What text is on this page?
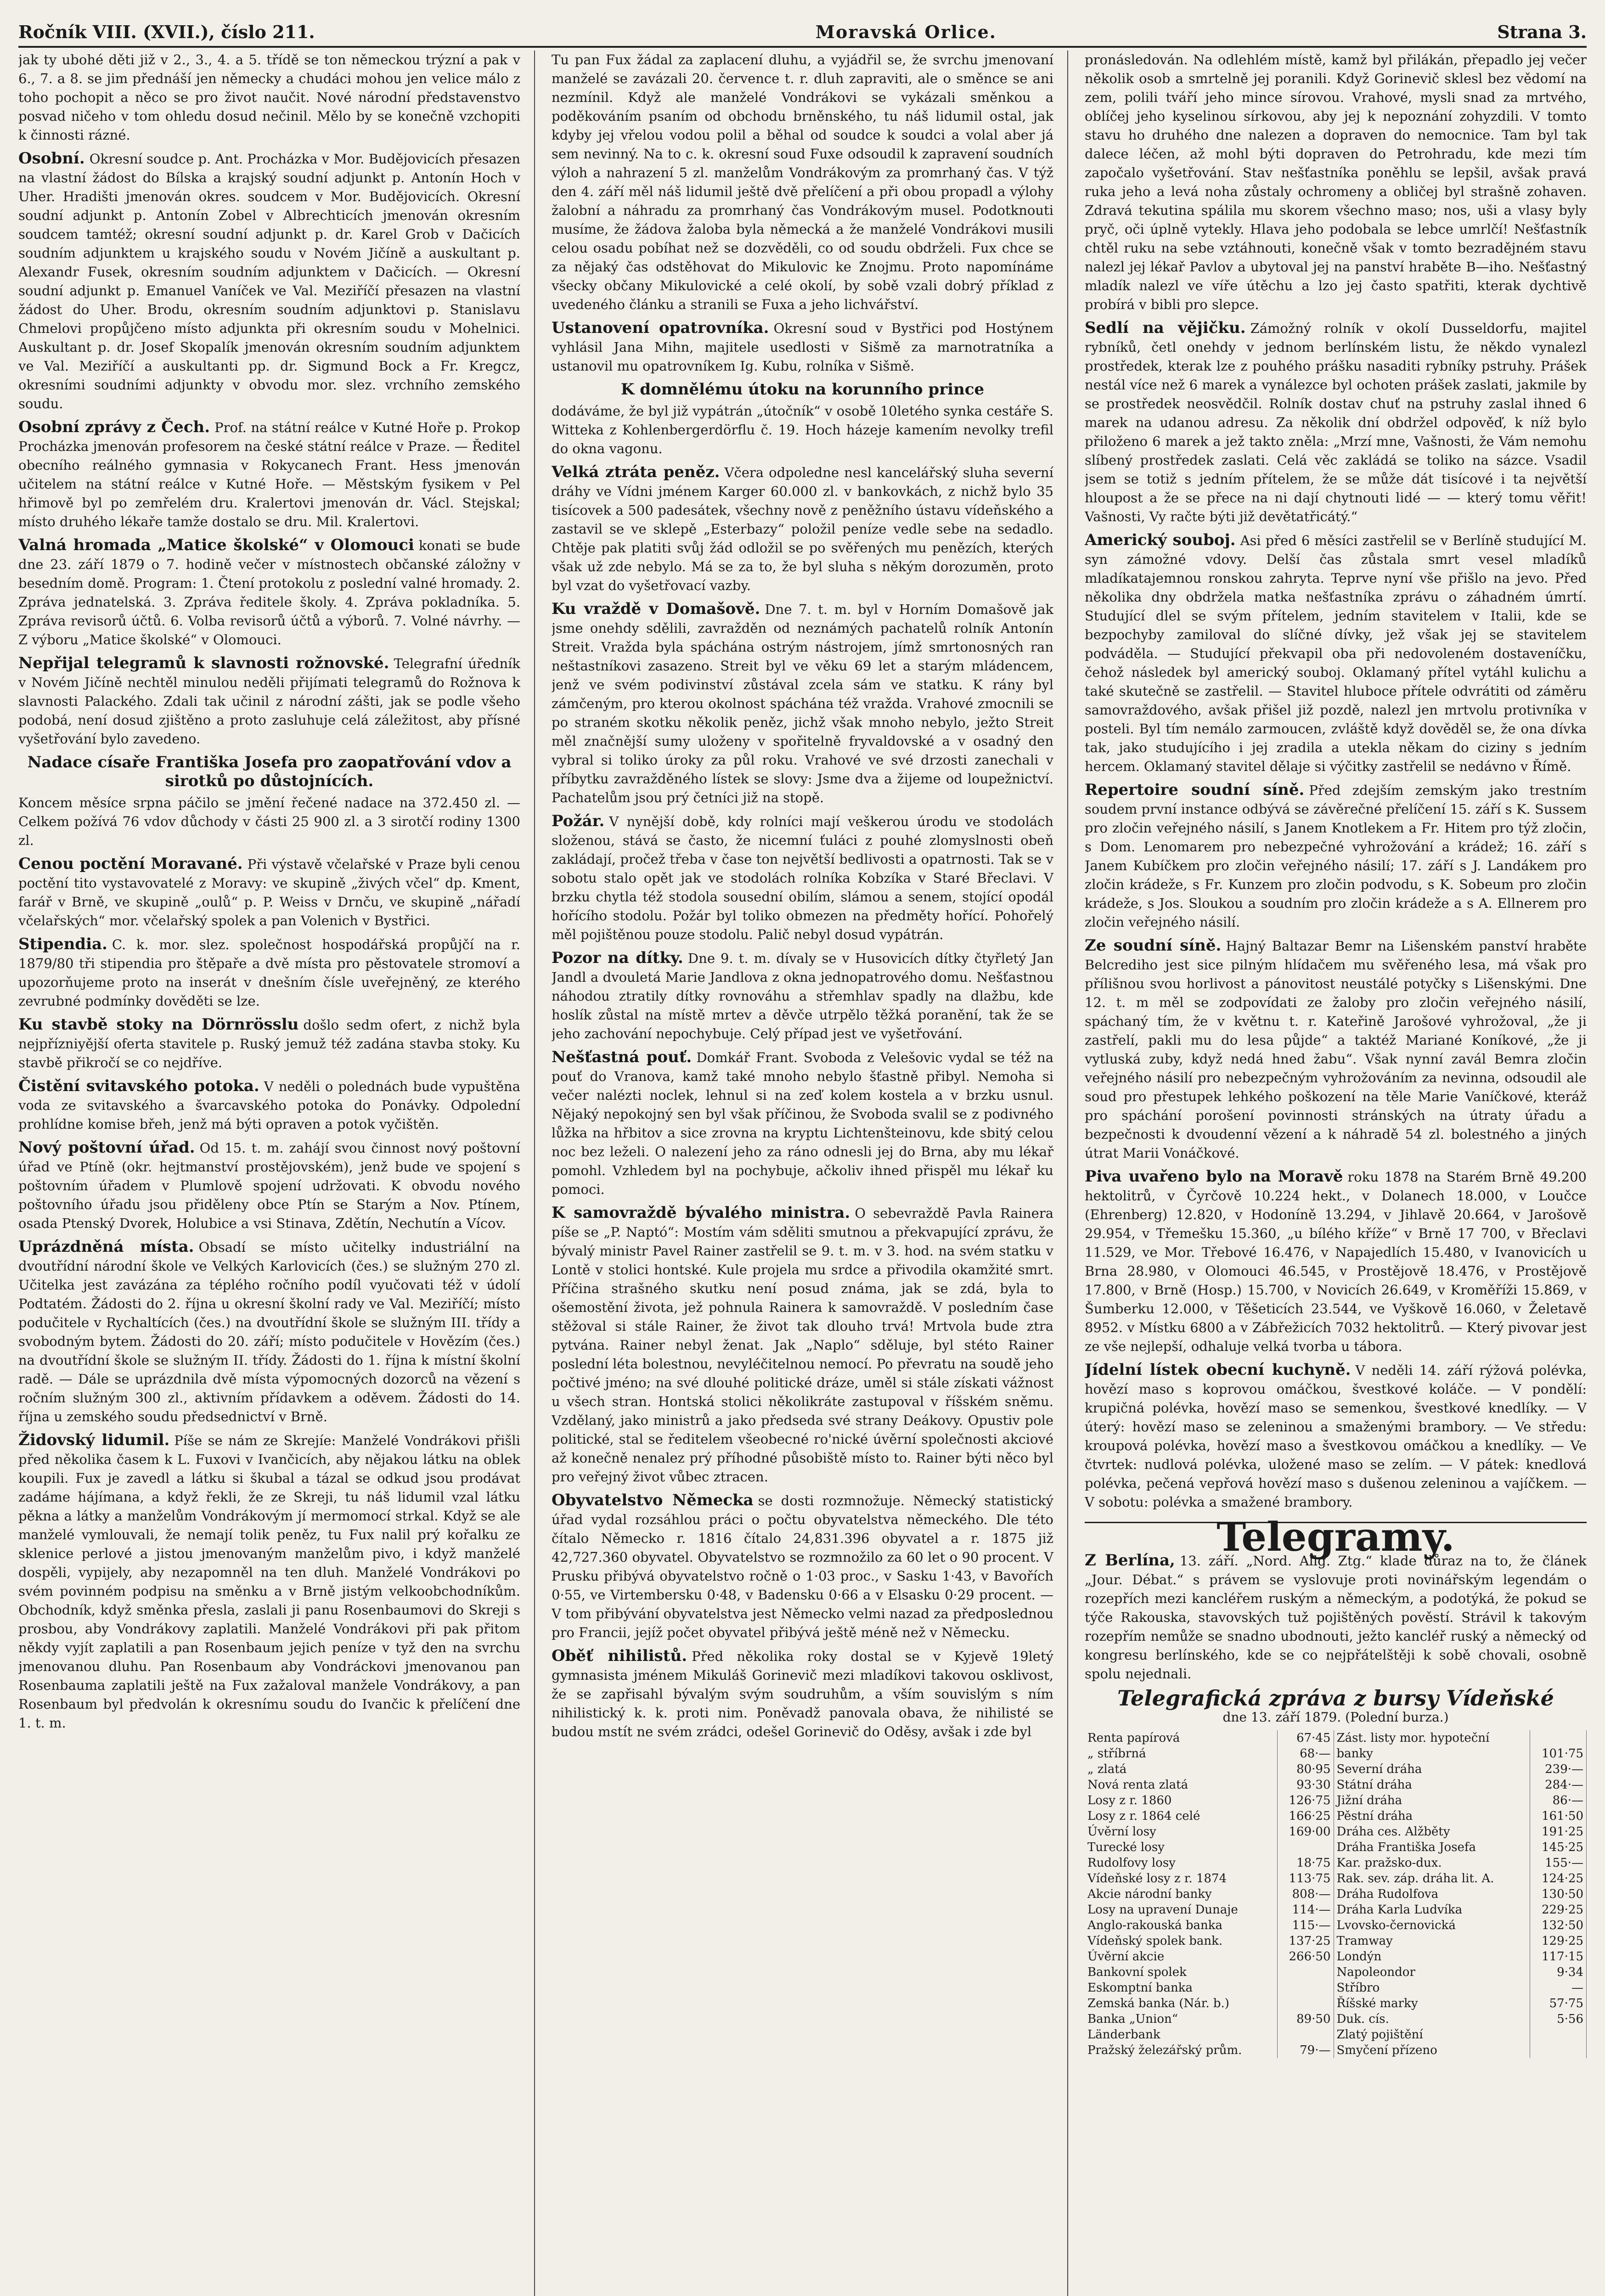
Ročník VIII. (XVII.), číslo 211.	Moravská Orlice.	Strana 3.

jak ty ubohé děti již v 2., 3., 4. a 5. třídě se ton německou trýzní a pak v 6., 7. a 8. se jim přednáší jen německy a chudáci mohou jen velice málo z toho pochopit a něco se pro život naučit. Nové národní představenstvo posvad ničeho v tom ohledu dosud nečinil. Mělo by se konečně vzchopiti k činnosti rázné.

Osobní. Okresní soudce p. Ant. Procházka v Mor. Budějovicích přesazen na vlastní žádost do Bílska a krajský soudní adjunkt p. Antonín Hoch v Uher. Hradišti jmenován okres. soudcem v Mor. Budějovicích. Okresní soudní adjunkt p. Antonín Zobel v Albrechticích jmenován okresním soudcem tamtéž; okresní soudní adjunkt p. dr. Karel Grob v Dačicích soudním adjunktem u krajského soudu v Novém Jičíně a auskultant p. Alexandr Fusek, okresním soudním adjunktem v Dačicích. — Okresní soudní adjunkt p. Emanuel Vaníček ve Val. Meziříčí přesazen na vlastní žádost do Uher. Brodu, okresním soudním adjunktovi p. Stanislavu Chmelovi propůjčeno místo adjunkta při okresním soudu v Mohelnici. Auskultant p. dr. Josef Skopalík jmenován okresním soudním adjunktem ve Val. Meziříčí a auskultanti pp. dr. Sigmund Bock a Fr. Kregcz, okresními soudními adjunkty v obvodu mor. slez. vrchního zemského soudu.

Osobní zprávy z Čech. Prof. na státní reálce v Kutné Hoře p. Prokop Procházka jmenován profesorem na české státní reálce v Praze. — Ředitel obecního reálného gymnasia v Rokycanech Frant. Hess jmenován učitelem na státní reálce v Kutné Hoře. — Městským fysikem v Pel hřimově byl po zemřelém dru. Kralertovi jmenován dr. Václ. Stejskal; místo druhého lékaře tamže dostalo se dru. Mil. Kralertovi.

Valná hromada „Matice školské“ v Olomouci konati se bude dne 23. září 1879 o 7. hodině večer v místnostech občanské záložny v besedním domě. Program: 1. Čtení protokolu z poslední valné hromady. 2. Zpráva jednatelská. 3. Zpráva ředitele školy. 4. Zpráva pokladníka. 5. Zpráva revisorů účtů. 6. Volba revisorů účtů a výborů. 7. Volné návrhy. — Z výboru „Matice školské“ v Olomouci.

Nepřijal telegramů k slavnosti rožnovské. Telegrafní úředník v Novém Jičíně nechtěl minulou neděli přijímati telegramů do Rožnova k slavnosti Palackého. Zdali tak učinil z národní zášti, jak se podle všeho podobá, není dosud zjištěno a proto zasluhuje celá záležitost, aby přísné vyšetřování bylo zavedeno.

Nadace císaře Františka Josefa pro zaopatřování vdov a sirotků po důstojnících.

Koncem měsíce srpna páčilo se jmění řečené nadace na 372.450 zl. — Celkem požívá 76 vdov důchody v části 25 900 zl. a 3 sirotčí rodiny 1300 zl.

Cenou poctění Moravané. Při výstavě včelařské v Praze byli cenou poctění tito vystavovatelé z Moravy: ve skupině „živých včel“ dp. Kment, farář v Brně, ve skupině „oulů“ p. P. Weiss v Drnču, ve skupině „nářadí včelařských“ mor. včelařský spolek a pan Volenich v Bystřici.

Stipendia. C. k. mor. slez. společnost hospodářská propůjčí na r. 1879/80 tři stipendia pro štěpaře a dvě místa pro pěstovatele stromoví a upozorňujeme proto na inserát v dnešním čísle uveřejněný, ze kterého zevrubné podmínky dověděti se lze.

Ku stavbě stoky na Dörnrösslu došlo sedm ofert, z nichž byla nejpřízniyější oferta stavitele p. Ruský jemuž též zadána stavba stoky. Ku stavbě přikročí se co nejdříve.

Čistění svitavského potoka. V neděli o polednách bude vypuštěna voda ze svitavského a švarcavského potoka do Ponávky. Odpolední prohlídne komise břeh, jenž má býti opraven a potok vyčištěn.

Nový poštovní úřad. Od 15. t. m. zahájí svou činnost nový poštovní úřad ve Ptíně (okr. hejtmanství prostějovském), jenž bude ve spojení s poštovním úřadem v Plumlově spojení udržovati. K obvodu nového poštovního úřadu jsou přiděleny obce Ptín se Starým a Nov. Ptínem, osada Ptenský Dvorek, Holubice a vsi Stinava, Zdětín, Nechutín a Vícov.

Uprázdněná místa. Obsadí se místo učitelky industriální na dvoutřídní národní škole ve Velkých Karlovicích (čes.) se služným 270 zl. Učitelka jest zavázána za téplého ročního podíl vyučovati též v údolí Podtatém. Žádosti do 2. října u okresní školní rady ve Val. Meziříčí; místo podučitele v Rychaltících (čes.) na dvoutřídní škole se služným III. třídy a svobodným bytem. Žádosti do 20. září; místo podučitele v Hovězím (čes.) na dvoutřídní škole se služným II. třídy. Žádosti do 1. října k místní školní radě. — Dále se uprázdnila dvě místa výpomocných dozorců na vězení s ročním služným 300 zl., aktivním přídavkem a oděvem. Žádosti do 14. října u zemského soudu předsednictví v Brně.

Židovský lidumil. Píše se nám ze Skrejíe: Manželé Vondrákovi přišli před několika časem k L. Fuxovi v Ivančicích, aby nějakou látku na oblek koupili. Fux je zavedl a látku si škubal a tázal se odkud jsou prodávat zadáme hájímana, a když řekli, že ze Skreji, tu náš lidumil vzal látku pěkna a látky a manželům Vondrákovým jí mermomocí strkal. Když se ale manželé vymlouvali, že nemají tolik peněz, tu Fux nalil prý kořalku ze sklenice perlové a jistou jmenovaným manželům pivo, i když manželé dospěli, vypijely, aby nezapomněl na ten dluh. Manželé Vondrákovi po svém povinném podpisu na směnku a v Brně jistým velkoobchodníkům. Obchodník, když směnka přesla, zaslali ji panu Rosenbaumovi do Skreji s prosbou, aby Vondrákovy zaplatili. Manželé Vondrákovi při pak přitom někdy vyjít zaplatili a pan Rosenbaum jejich peníze v tyž den na svrchu jmenovanou dluhu. Pan Rosenbaum aby Vondráckovi jmenovanou pan Rosenbauma zaplatili ještě na Fux zažaloval manžele Vondrákovy, a pan Rosenbaum byl předvolán k okresnímu soudu do Ivančic k přelíčení dne 1. t. m.

Tu pan Fux žádal za zaplacení dluhu, a vyjádřil se, že svrchu jmenovaní manželé se zavázali 20. července t. r. dluh zapraviti, ale o směnce se ani nezmínil. Když ale manželé Vondrákovi se vykázali směnkou a poděkováním psaním od obchodu brněnského, tu náš lidumil ostal, jak kdyby jej vřelou vodou polil a běhal od soudce k soudci a volal aber já sem nevinný. Na to c. k. okresní soud Fuxe odsoudil k zapravení soudních výloh a nahrazení 5 zl. manželům Vondrákovým za promrhaný čas. V týž den 4. září měl náš lidumil ještě dvě přelíčení a při obou propadl a výlohy žalobní a náhradu za promrhaný čas Vondrákovým musel. Podotknouti musíme, že žádova žaloba byla německá a že manželé Vondrákovi musili celou osadu pobíhat než se dozvěděli, co od soudu obdrželi. Fux chce se za nějaký čas odstěhovat do Mikulovic ke Znojmu. Proto napomínáme všecky občany Mikulovické a celé okolí, by sobě vzali dobrý příklad z uvedeného článku a stranili se Fuxa a jeho lichvářství.

Ustanovení opatrovníka. Okresní soud v Bystřici pod Hostýnem vyhlásil Jana Mihn, majitele usedlosti v Sišmě za marnotratníka a ustanovil mu opatrovníkem Ig. Kubu, rolníka v Sišmě.

K domnělému útoku na korunního prince

dodáváme, že byl již vypátrán „útočník“ v osobě 10letého synka cestáře S. Witteka z Kohlenbergerdörflu č. 19. Hoch házeje kamením nevolky trefil do okna vagonu.

Velká ztráta peněz. Včera odpoledne nesl kancelářský sluha severní dráhy ve Vídni jménem Karger 60.000 zl. v bankovkách, z nichž bylo 35 tisícovek a 500 padesátek, všechny nově z peněžního ústavu vídeňského a zastavil se ve sklepě „Esterbazy“ položil peníze vedle sebe na sedadlo. Chtěje pak platiti svůj žád odložil se po svěřených mu penězích, kterých však už zde nebylo. Má se za to, že byl sluha s někým dorozuměn, proto byl vzat do vyšetřovací vazby.

Ku vraždě v Domašově. Dne 7. t. m. byl v Horním Domašově jak jsme onehdy sdělili, zavražděn od neznámých pachatelů rolník Antonín Streit. Vražda byla spáchána ostrým nástrojem, jímž smrtonosných ran neštastníkovi zasazeno. Streit byl ve věku 69 let a starým mládencem, jenž ve svém podivinství zůstával zcela sám ve statku. K rány byl zámčeným, pro kterou okolnost spáchána též vražda. Vrahové zmocnili se po straném skotku několik peněz, jichž však mnoho nebylo, ježto Streit měl značnější sumy uloženy v spořitelně fryvaldovské a v osadný den vybral si toliko úroky za půl roku. Vrahové ve své drzosti zanechali v příbytku zavražděného lístek se slovy: Jsme dva a žijeme od loupežnictví. Pachatelům jsou prý četníci již na stopě.

Požár. V nynější době, kdy rolníci mají veškerou úrodu ve stodolách složenou, stává se často, že nicemní ťuláci z pouhé zlomyslnosti obeň zakládají, pročež třeba v čase ton největší bedlivosti a opatrnosti. Tak se v sobotu stalo opět jak ve stodolách rolníka Kobzíka v Staré Břeclavi. V brzku chytla též stodola sousední obilím, slámou a senem, stojící opodál hořícího stodolu. Požár byl toliko obmezen na předměty hořící. Pohořelý měl pojištěnou pouze stodolu. Palič nebyl dosud vypátrán.

Pozor na dítky. Dne 9. t. m. dívaly se v Husovicích dítky čtyřletý Jan Jandl a dvouletá Marie Jandlova z okna jednopatrového domu. Nešťastnou náhodou ztratily dítky rovnováhu a střemhlav spadly na dlažbu, kde hoslík zůstal na místě mrtev a děvče utrpělo těžká poranění, tak že se jeho zachování nepochybuje. Celý případ jest ve vyšetřování.

Nešťastná pouť. Domkář Frant. Svoboda z Velešovic vydal se též na pouť do Vranova, kamž také mnoho nebylo šťastně přibyl. Nemoha si večer nalézti noclek, lehnul si na zeď kolem kostela a v brzku usnul. Nějaký nepokojný sen byl však příčinou, že Svoboda svalil se z podivného lůžka na hřbitov a sice zrovna na kryptu Lichtenšteinovu, kde sbitý celou noc bez leželi. O nalezení jeho za ráno odnesli jej do Brna, aby mu lékař pomohl. Vzhledem byl na pochybuje, ačkoliv ihned přispěl mu lékař ku pomoci.

K samovraždě bývalého ministra. O sebevraždě Pavla Rainera píše se „P. Naptó“: Mostím vám sděliti smutnou a překvapující zprávu, že bývalý ministr Pavel Rainer zastřelil se 9. t. m. v 3. hod. na svém statku v Lontě v stolici hontské. Kule projela mu srdce a přivodila okamžité smrt. Příčina strašného skutku není posud známa, jak se zdá, byla to ošemostění života, jež pohnula Rainera k samovraždě. V posledním čase stěžoval si stále Rainer, že život tak dlouho trvá! Mrtvola bude ztra pytvána. Rainer nebyl ženat. Jak „Naplo“ sděluje, byl stéto Rainer poslední léta bolestnou, nevyléčitelnou nemocí. Po převratu na soudě jeho počtivé jméno; na své dlouhé politické dráze, uměl si stále získati vážnost u všech stran. Hontská stolici několikráte zastupoval v říšském sněmu. Vzdělaný, jako ministrů a jako předseda své strany Deákovy. Opustiv pole politické, stal se ředitelem všeobecné ro'nické úvěrní společnosti akciové až konečně nenalez prý příhodné působiště místo to. Rainer býti něco byl pro veřejný život vůbec ztracen.

Obyvatelstvo Německa se dosti rozmnožuje. Německý statistický úřad vydal rozsáhlou práci o počtu obyvatelstva německého. Dle této čítalo Německo r. 1816 čítalo 24,831.396 obyvatel a r. 1875 již 42,727.360 obyvatel. Obyvatelstvo se rozmnožilo za 60 let o 90 procent. V Prusku přibývá obyvatelstvo ročně o 1·03 proc., v Sasku 1·43, v Bavořích 0·55, ve Virtembersku 0·48, v Badensku 0·66 a v Elsasku 0·29 procent. — V tom přibývání obyvatelstva jest Německo velmi nazad za předposlednou pro Francii, jejíž počet obyvatel přibývá ještě méně než v Německu.

Oběť nihilistů. Před několika roky dostal se v Kyjevě 19letý gymnasista jménem Mikuláš Gorinevič mezi mladíkovi takovou osklivost, že se zapřisahl bývalým svým soudruhům, a vším souvislým s ním nihilistický k. k. proti nim. Poněvadž panovala obava, že nihilisté se budou mstít ne svém zrádci, odešel Gorinevič do Oděsy, avšak i zde byl

pronásledován. Na odlehlém místě, kamž byl přilákán, přepadlo jej večer několik osob a smrtelně jej poranili. Když Gorinevič sklesl bez vědomí na zem, polili tváří jeho mince sírovou. Vrahové, mysli snad za mrtvého, oblíčej jeho kyselinou sírkovou, aby jej k nepoznání zohyzdili. V tomto stavu ho druhého dne nalezen a dopraven do nemocnice. Tam byl tak dalece léčen, až mohl býti dopraven do Petrohradu, kde mezi tím započalo vyšetřování. Stav nešťastníka poněhlu se lepšil, avšak pravá ruka jeho a levá noha zůstaly ochromeny a obličej byl strašně zohaven. Zdravá tekutina spálila mu skorem všechno maso; nos, uši a vlasy byly pryč, oči úplně vytekly. Hlava jeho podobala se lebce umrlčí! Nešťastník chtěl ruku na sebe vztáhnouti, konečně však v tomto bezradějném stavu nalezl jej lékař Pavlov a ubytoval jej na panství hraběte B—iho. Nešťastný mladík nalezl ve víře útěchu a lzo jej často spatřiti, kterak dychtivě probírá v bibli pro slepce.

Sedlí na vějičku. Zámožný rolník v okolí Dusseldorfu, majitel rybníků, četl onehdy v jednom berlínském listu, že někdo vynalezl prostředek, kterak lze z pouhého prášku nasaditi rybníky pstruhy. Prášek nestál více než 6 marek a vynálezce byl ochoten prášek zaslati, jakmile by se prostředek neosvědčil. Rolník dostav chuť na pstruhy zaslal ihned 6 marek na udanou adresu. Za několik dní obdržel odpověď, k níž bylo přiloženo 6 marek a jež takto zněla: „Mrzí mne, Vašnosti, že Vám nemohu slíbený prostředek zaslati. Celá věc zakládá se toliko na sázce. Vsadil jsem se totiž s jedním přítelem, že se může dát tisícové i ta největší hloupost a že se přece na ni dají chytnouti lidé — — který tomu věřit! Vašnosti, Vy račte býti již devětatřicátý.“

Americký souboj. Asi před 6 měsíci zastřelil se v Berlíně studující M. syn zámožné vdovy. Delší čas zůstala smrt vesel mladíků mladíkatajemnou ronskou zahryta. Teprve nyní vše přišlo na jevo. Před několika dny obdržela matka nešťastníka zprávu o záhadném úmrtí. Studující dlel se svým přítelem, jedním stavitelem v Italii, kde se bezpochyby zamiloval do slíčné dívky, jež však jej se stavitelem podváděla. — Studující překvapil oba při nedovoleném dostaveníčku, čehož následek byl americký souboj. Oklamaný přítel vytáhl kulichu a také skutečně se zastřelil. — Stavitel hluboce přítele odvrátiti od záměru samovraždového, avšak přišel již pozdě, nalezl jen mrtvolu protivníka v posteli. Byl tím nemálo zarmoucen, zvláště když dověděl se, že ona dívka tak, jako studujícího i jej zradila a utekla někam do ciziny s jedním hercem. Oklamaný stavitel dělaje si výčitky zastřelil se nedávno v Římě.

Repertoire soudní síně. Před zdejším zemským jako trestním soudem první instance odbývá se závěrečné přelíčení 15. září s K. Sussem pro zločin veřejného násilí, s Janem Knotlekem a Fr. Hitem pro týž zločin, s Dom. Lenomarem pro nebezpečné vyhrožování a krádež; 16. září s Janem Kubíčkem pro zločin veřejného násilí; 17. září s J. Landákem pro zločin krádeže, s Fr. Kunzem pro zločin podvodu, s K. Sobeum pro zločin krádeže, s Jos. Sloukou a soudním pro zločin krádeže a s A. Ellnerem pro zločin veřejného násilí.

Ze soudní síně. Hajný Baltazar Bemr na Lišenském panství hraběte Belcrediho jest sice pilným hlídačem mu svěřeného lesa, má však pro přílišnou svou horlivost a pánovitost neustálé potyčky s Lišenskými. Dne 12. t. m měl se zodpovídati ze žaloby pro zločin veřejného násilí, spáchaný tím, že v květnu t. r. Kateřině Jarošové vyhrožoval, „že ji zastřelí, pakli mu do lesa půjde“ a taktéž Mariané Koníkové, „že ji vytluská zuby, když nedá hned žabu“. Však nynní zavál Bemra zločin veřejného násilí pro nebezpečným vyhrožováním za nevinna, odsoudil ale soud pro přestupek lehkého poškození na těle Marie Vaníčkové, kteráž pro spáchání porošení povinnosti stránských na útraty úřadu a bezpečnosti k dvoudenní vězení a k náhradě 54 zl. bolestného a jiných útrat Marii Vonáčkové.

Piva uvařeno bylo na Moravě roku 1878 na Starém Brně 49.200 hektolitrů, v Čyrčově 10.224 hekt., v Dolanech 18.000, v Loučce (Ehrenberg) 12.820, v Hodoníně 13.294, v Jihlavě 20.664, v Jarošově 29.954, v Třemešku 15.360, „u bílého kříže“ v Brně 17 700, v Břeclavi 11.529, ve Mor. Třebové 16.476, v Napajedlích 15.480, v Ivanovicích u Brna 28.980, v Olomouci 46.545, v Prostějově 18.476, v Prostějově 17.800, v Brně (Hosp.) 15.700, v Novicích 26.649, v Kroměříži 15.869, v Šumberku 12.000, v Těšeticích 23.544, ve Vyškově 16.060, v Želetavě 8952. v Místku 6800 a v Zábřežicích 7032 hektolitrů. — Který pivovar jest ze vše nejlepší, odhaluje velká tvorba u tábora.

Jídelní lístek obecní kuchyně. V neděli 14. září rýžová polévka, hovězí maso s koprovou omáčkou, švestkové koláče. — V pondělí: krupičná polévka, hovězí maso se semenkou, švestkové knedlíky. — V úterý: hovězí maso se zeleninou a smaženými brambory. — Ve středu: kroupová polévka, hovězí maso a švestkovou omáčkou a knedlíky. — Ve čtvrtek: nudlová polévka, uložené maso se zelím. — V pátek: knedlová polévka, pečená vepřová hovězí maso s dušenou zeleninou a vajíčkem. — V sobotu: polévka a smažené brambory.

Telegramy.
Z Berlína, 13. září. „Nord. Allg. Ztg.“ klade důraz na to, že článek „Jour. Débat.“ s právem se vyslovuje proti novinářským legendám o rozepřích mezi kancléřem ruským a německým, a podotýká, že pokud se týče Rakouska, stavovských tuž pojištěných pověstí. Strávil k takovým rozepřím nemůže se snadno ubodnouti, ježto kancléř ruský a německý od kongresu berlínského, kde se co nejpřátelštěji k sobě chovali, osobně spolu nejednali.

Telegrafická zpráva z bursy Vídeňské
dne 13. září 1879. (Polední burza.)
Renta papírová	67·45	Zást. listy mor. hypoteční	
„ stříbrná	68·—	banky	101·75
„ zlatá	80·95	Severní dráha	239·—
Nová renta zlatá	93·30	Státní dráha	284·—
Losy z r. 1860	126·75	Jižní dráha	86·—
Losy z r. 1864 celé	166·25	Pěstní dráha	161·50
Úvěrní losy	169·00	Dráha ces. Alžběty	191·25
Turecké losy		Dráha Františka Josefa	145·25
Rudolfovy losy	18·75	Kar. pražsko-dux.	155·—
Vídeňské losy z r. 1874	113·75	Rak. sev. záp. dráha lit. A.	124·25
Akcie národní banky	808·—	Dráha Rudolfova	130·50
Losy na upravení Dunaje	114·—	Dráha Karla Ludvíka	229·25
Anglo-rakouská banka	115·—	Lvovsko-černovická	132·50
Vídeňský spolek bank.	137·25	Tramway	129·25
Úvěrní akcie	266·50	Londýn	117·15
Bankovní spolek		Napoleondor	9·34
Eskomptní banka		Stříbro	—
Zemská banka (Nár. b.)		Říšské marky	57·75
Banka „Union“	89·50	Duk. cís.	5·56
Länderbank		Zlatý pojištění	
Pražský železářský prům.	79·—	Smyčení přízeno	
